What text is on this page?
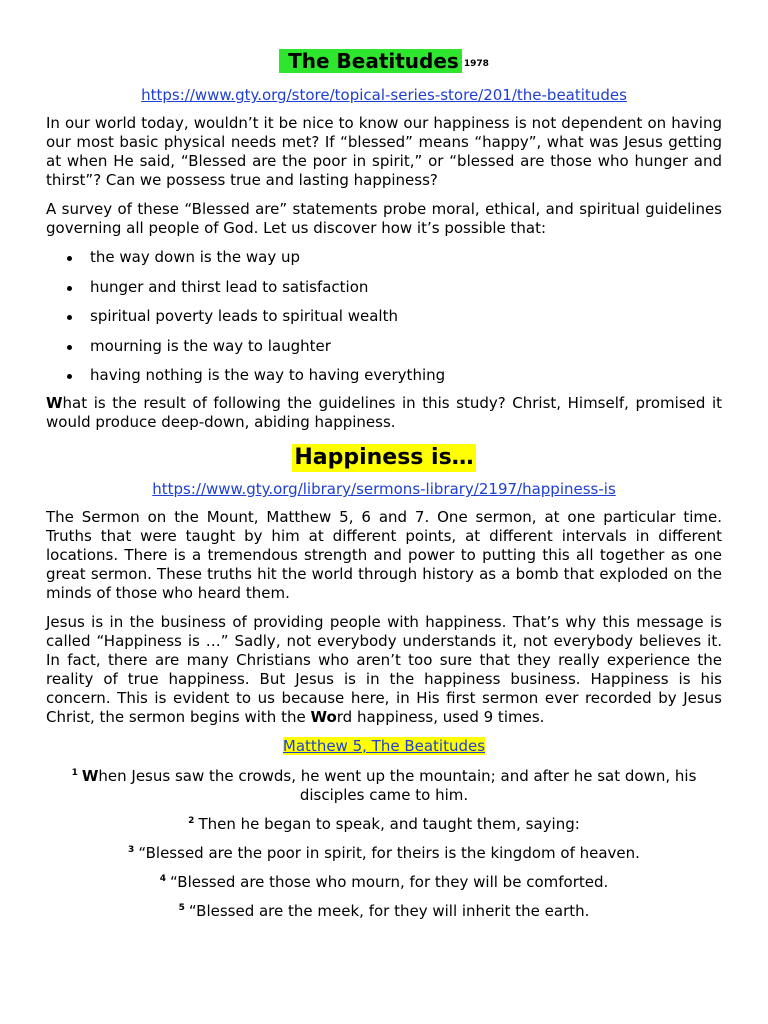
The Beatitudes $^{1978}$
https://www.gty.org/store/topical-series-store/201/the-beatitudes

In our world today, wouldn’t it be nice to know our happiness is not dependent on having our most basic physical needs met? If “blessed” means “happy”, what was Jesus getting at when He said, “Blessed are the poor in spirit,” or “blessed are those who hunger and thirst”? Can we possess true and lasting happiness?

A survey of these “Blessed are” statements probe moral, ethical, and spiritual guidelines governing all people of God. Let us discover how it’s possible that:

the way down is the way up
hunger and thirst lead to satisfaction
spiritual poverty leads to spiritual wealth
mourning is the way to laughter
having nothing is the way to having everything

What is the result of following the guidelines in this study? Christ, Himself, promised it would produce deep-down, abiding happiness.

Happiness is…
https://www.gty.org/library/sermons-library/2197/happiness-is

The Sermon on the Mount, Matthew 5, 6 and 7. One sermon, at one particular time. Truths that were taught by him at different points, at different intervals in different locations. There is a tremendous strength and power to putting this all together as one great sermon. These truths hit the world through history as a bomb that exploded on the minds of those who heard them.

Jesus is in the business of providing people with happiness. That’s why this message is called “Happiness is …” Sadly, not everybody understands it, not everybody believes it. In fact, there are many Christians who aren’t too sure that they really experience the reality of true happiness. But Jesus is in the happiness business. Happiness is his concern. This is evident to us because here, in His first sermon ever recorded by Jesus Christ, the sermon begins with the Word happiness, used 9 times.

Matthew 5, The Beatitudes

$^1$ When Jesus saw the crowds, he went up the mountain; and after he sat down, his disciples came to him.

$^2$ Then he began to speak, and taught them, saying:

$^3$ “Blessed are the poor in spirit, for theirs is the kingdom of heaven.

$^4$ “Blessed are those who mourn, for they will be comforted.

$^5$ “Blessed are the meek, for they will inherit the earth.
